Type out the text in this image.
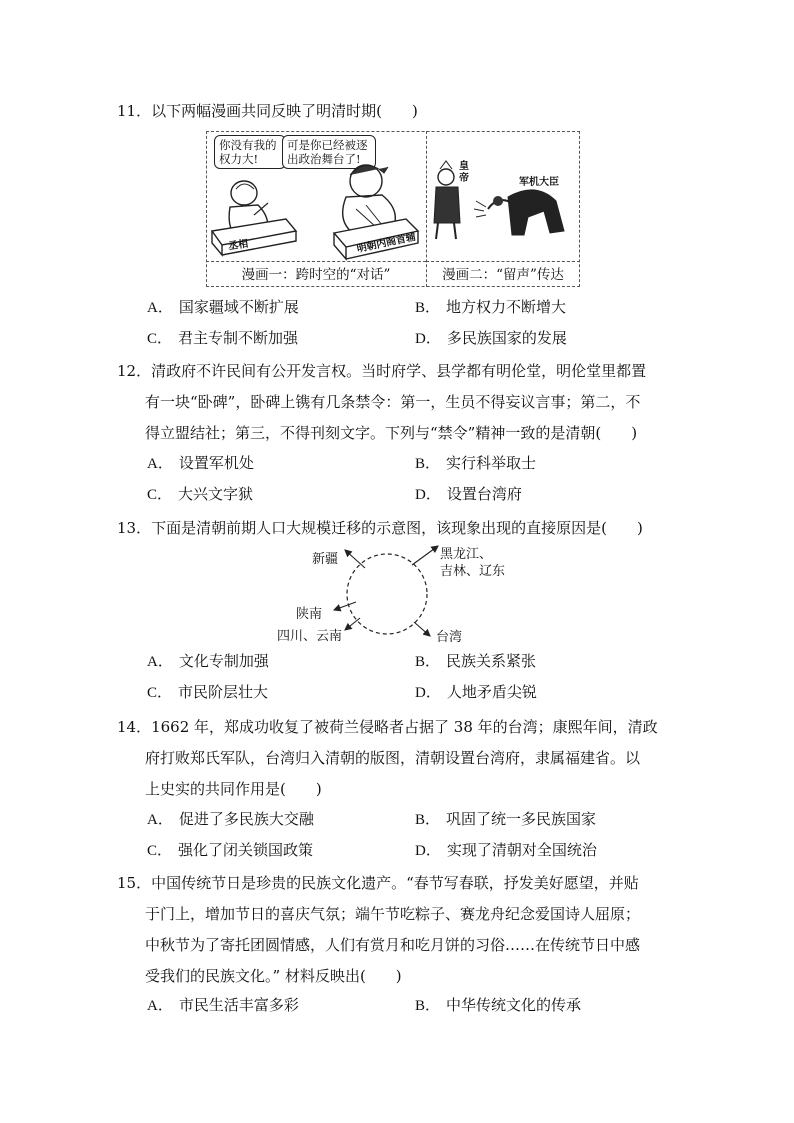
11．以下两幅漫画共同反映了明清时期(　　)
你没有我的权力大!
可是你已经被逐出政治舞台了!
丞相	明朝内阁首辅
皇帝	军机大臣
漫画一：跨时空的“对话”	漫画二：“留声”传达
A． 国家疆域不断扩展	B． 地方权力不断增大
C． 君主专制不断加强	D． 多民族国家的发展
12．清政府不许民间有公开发言权。当时府学、县学都有明伦堂，明伦堂里都置
有一块“卧碑”，卧碑上镌有几条禁令：第一，生员不得妄议言事；第二，不
得立盟结社；第三，不得刊刻文字。下列与“禁令”精神一致的是清朝(　　)
A． 设置军机处	B． 实行科举取士
C． 大兴文字狱	D． 设置台湾府
13．下面是清朝前期人口大规模迁移的示意图，该现象出现的直接原因是(　　)
新疆	黑龙江、
吉林、辽东
陕南
四川、云南	台湾
A． 文化专制加强	B． 民族关系紧张
C． 市民阶层壮大	D． 人地矛盾尖锐
14．1662 年，郑成功收复了被荷兰侵略者占据了 38 年的台湾；康熙年间，清政
府打败郑氏军队，台湾归入清朝的版图，清朝设置台湾府，隶属福建省。以
上史实的共同作用是(　　)
A． 促进了多民族大交融	B． 巩固了统一多民族国家
C． 强化了闭关锁国政策	D． 实现了清朝对全国统治
15．中国传统节日是珍贵的民族文化遗产。“春节写春联，抒发美好愿望，并贴
于门上，增加节日的喜庆气氛；端午节吃粽子、赛龙舟纪念爱国诗人屈原；
中秋节为了寄托团圆情感，人们有赏月和吃月饼的习俗……在传统节日中感
受我们的民族文化。” 材料反映出(　　)
A． 市民生活丰富多彩	B． 中华传统文化的传承
